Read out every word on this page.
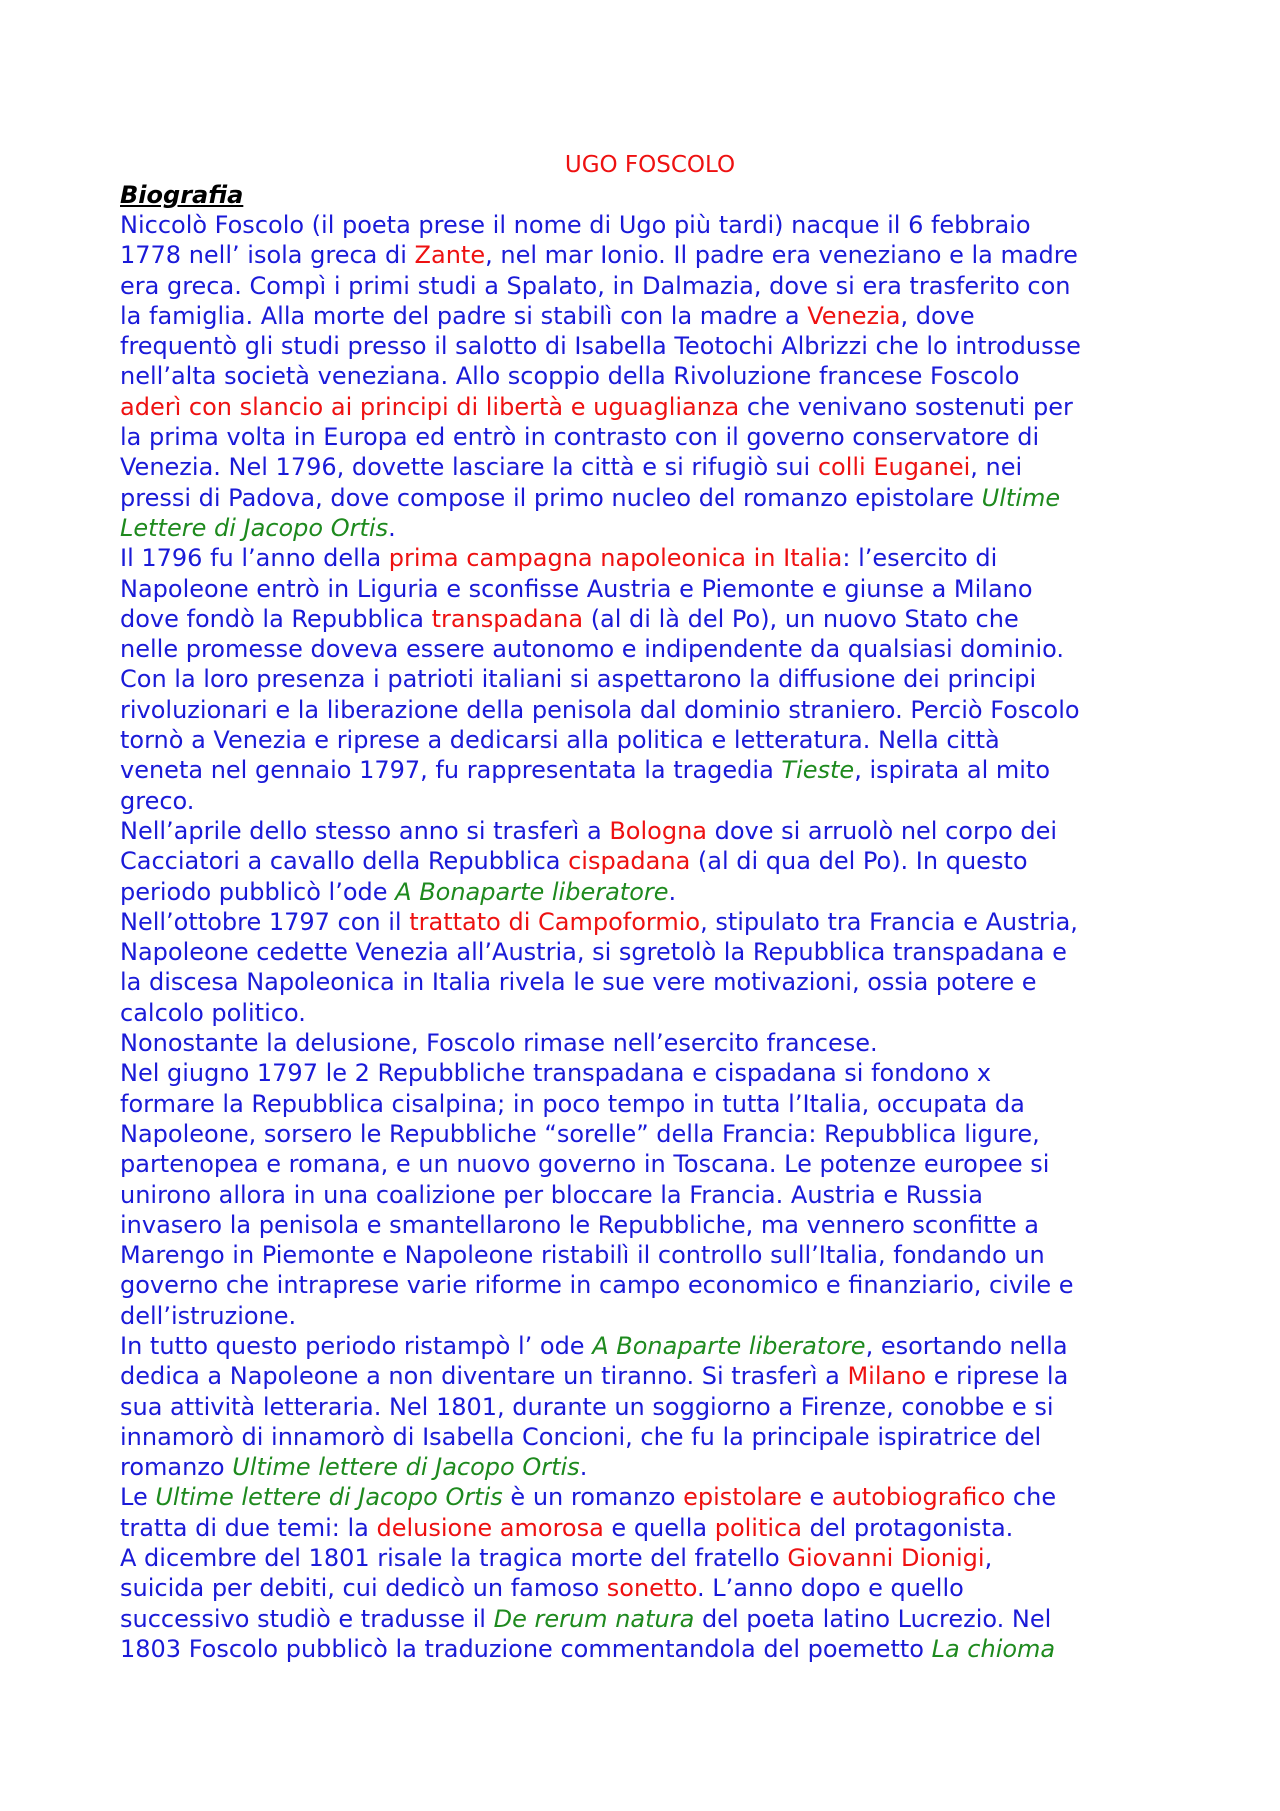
UGO FOSCOLO
Biografia

Niccolò Foscolo (il poeta prese il nome di Ugo più tardi) nacque il 6 febbraio
1778 nell’ isola greca di Zante, nel mar Ionio. Il padre era veneziano e la madre
era greca. Compì i primi studi a Spalato, in Dalmazia, dove si era trasferito con
la famiglia. Alla morte del padre si stabilì con la madre a Venezia, dove
frequentò gli studi presso il salotto di Isabella Teotochi Albrizzi che lo introdusse
nell’alta società veneziana. Allo scoppio della Rivoluzione francese Foscolo
aderì con slancio ai principi di libertà e uguaglianza che venivano sostenuti per
la prima volta in Europa ed entrò in contrasto con il governo conservatore di
Venezia. Nel 1796, dovette lasciare la città e si rifugiò sui colli Euganei, nei
pressi di Padova, dove compose il primo nucleo del romanzo epistolare Ultime
Lettere di Jacopo Ortis.

Il 1796 fu l’anno della prima campagna napoleonica in Italia: l’esercito di
Napoleone entrò in Liguria e sconfisse Austria e Piemonte e giunse a Milano
dove fondò la Repubblica transpadana (al di là del Po), un nuovo Stato che
nelle promesse doveva essere autonomo e indipendente da qualsiasi dominio.
Con la loro presenza i patrioti italiani si aspettarono la diffusione dei principi
rivoluzionari e la liberazione della penisola dal dominio straniero. Perciò Foscolo
tornò a Venezia e riprese a dedicarsi alla politica e letteratura. Nella città
veneta nel gennaio 1797, fu rappresentata la tragedia Tieste, ispirata al mito
greco.

Nell’aprile dello stesso anno si trasferì a Bologna dove si arruolò nel corpo dei
Cacciatori a cavallo della Repubblica cispadana (al di qua del Po). In questo
periodo pubblicò l’ode A Bonaparte liberatore.

Nell’ottobre 1797 con il trattato di Campoformio, stipulato tra Francia e Austria,
Napoleone cedette Venezia all’Austria, si sgretolò la Repubblica transpadana e
la discesa Napoleonica in Italia rivela le sue vere motivazioni, ossia potere e
calcolo politico.

Nonostante la delusione, Foscolo rimase nell’esercito francese.

Nel giugno 1797 le 2 Repubbliche transpadana e cispadana si fondono x
formare la Repubblica cisalpina; in poco tempo in tutta l’Italia, occupata da
Napoleone, sorsero le Repubbliche “sorelle” della Francia: Repubblica ligure,
partenopea e romana, e un nuovo governo in Toscana. Le potenze europee si
unirono allora in una coalizione per bloccare la Francia. Austria e Russia
invasero la penisola e smantellarono le Repubbliche, ma vennero sconfitte a
Marengo in Piemonte e Napoleone ristabilì il controllo sull’Italia, fondando un
governo che intraprese varie riforme in campo economico e finanziario, civile e
dell’istruzione.

In tutto questo periodo ristampò l’ ode A Bonaparte liberatore, esortando nella
dedica a Napoleone a non diventare un tiranno. Si trasferì a Milano e riprese la
sua attività letteraria. Nel 1801, durante un soggiorno a Firenze, conobbe e si
innamorò di innamorò di Isabella Concioni, che fu la principale ispiratrice del
romanzo Ultime lettere di Jacopo Ortis.

Le Ultime lettere di Jacopo Ortis è un romanzo epistolare e autobiografico che
tratta di due temi: la delusione amorosa e quella politica del protagonista.

A dicembre del 1801 risale la tragica morte del fratello Giovanni Dionigi,
suicida per debiti, cui dedicò un famoso sonetto. L’anno dopo e quello
successivo studiò e tradusse il De rerum natura del poeta latino Lucrezio. Nel
1803 Foscolo pubblicò la traduzione commentandola del poemetto La chioma
